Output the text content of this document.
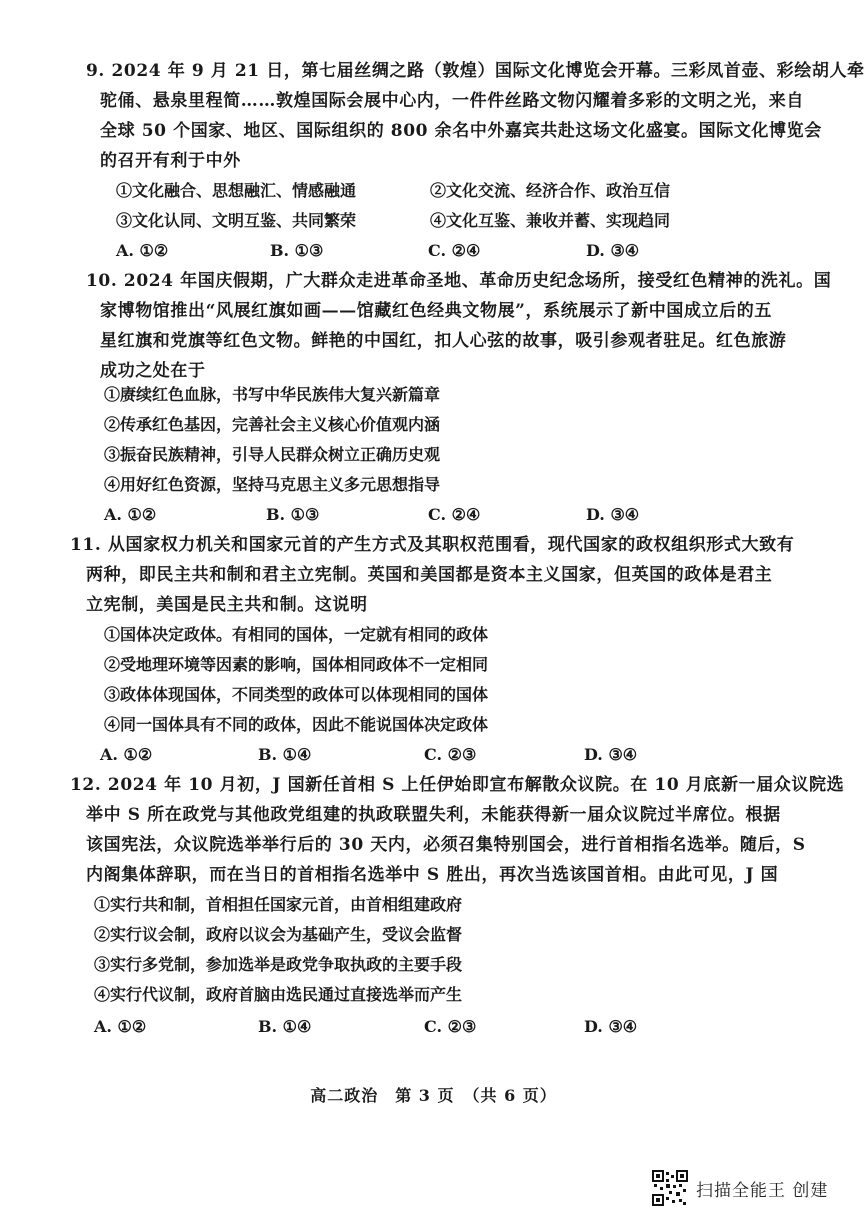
9. 2024 年 9 月 21 日，第七届丝绸之路（敦煌）国际文化博览会开幕。三彩凤首壶、彩绘胡人牵
驼俑、悬泉里程简……敦煌国际会展中心内，一件件丝路文物闪耀着多彩的文明之光，来自
全球 50 个国家、地区、国际组织的 800 余名中外嘉宾共赴这场文化盛宴。国际文化博览会
的召开有利于中外
①文化融合、思想融汇、情感融通	②文化交流、经济合作、政治互信
③文化认同、文明互鉴、共同繁荣	④文化互鉴、兼收并蓄、实现趋同
A. ①②	B. ①③	C. ②④	D. ③④
10. 2024 年国庆假期，广大群众走进革命圣地、革命历史纪念场所，接受红色精神的洗礼。国
家博物馆推出“风展红旗如画——馆藏红色经典文物展”，系统展示了新中国成立后的五
星红旗和党旗等红色文物。鲜艳的中国红，扣人心弦的故事，吸引参观者驻足。红色旅游
成功之处在于
①赓续红色血脉，书写中华民族伟大复兴新篇章
②传承红色基因，完善社会主义核心价值观内涵
③振奋民族精神，引导人民群众树立正确历史观
④用好红色资源，坚持马克思主义多元思想指导
A. ①②	B. ①③	C. ②④	D. ③④
11. 从国家权力机关和国家元首的产生方式及其职权范围看，现代国家的政权组织形式大致有
两种，即民主共和制和君主立宪制。英国和美国都是资本主义国家，但英国的政体是君主
立宪制，美国是民主共和制。这说明
①国体决定政体。有相同的国体，一定就有相同的政体
②受地理环境等因素的影响，国体相同政体不一定相同
③政体体现国体，不同类型的政体可以体现相同的国体
④同一国体具有不同的政体，因此不能说国体决定政体
A. ①②	B. ①④	C. ②③	D. ③④
12. 2024 年 10 月初，J 国新任首相 S 上任伊始即宣布解散众议院。在 10 月底新一届众议院选
举中 S 所在政党与其他政党组建的执政联盟失利，未能获得新一届众议院过半席位。根据
该国宪法，众议院选举举行后的 30 天内，必须召集特别国会，进行首相指名选举。随后，S
内阁集体辞职，而在当日的首相指名选举中 S 胜出，再次当选该国首相。由此可见，J 国
①实行共和制，首相担任国家元首，由首相组建政府
②实行议会制，政府以议会为基础产生，受议会监督
③实行多党制，参加选举是政党争取执政的主要手段
④实行代议制，政府首脑由选民通过直接选举而产生
A. ①②	B. ①④	C. ②③	D. ③④
高二政治　第 3 页　（共 6 页）
扫描全能王 创建
